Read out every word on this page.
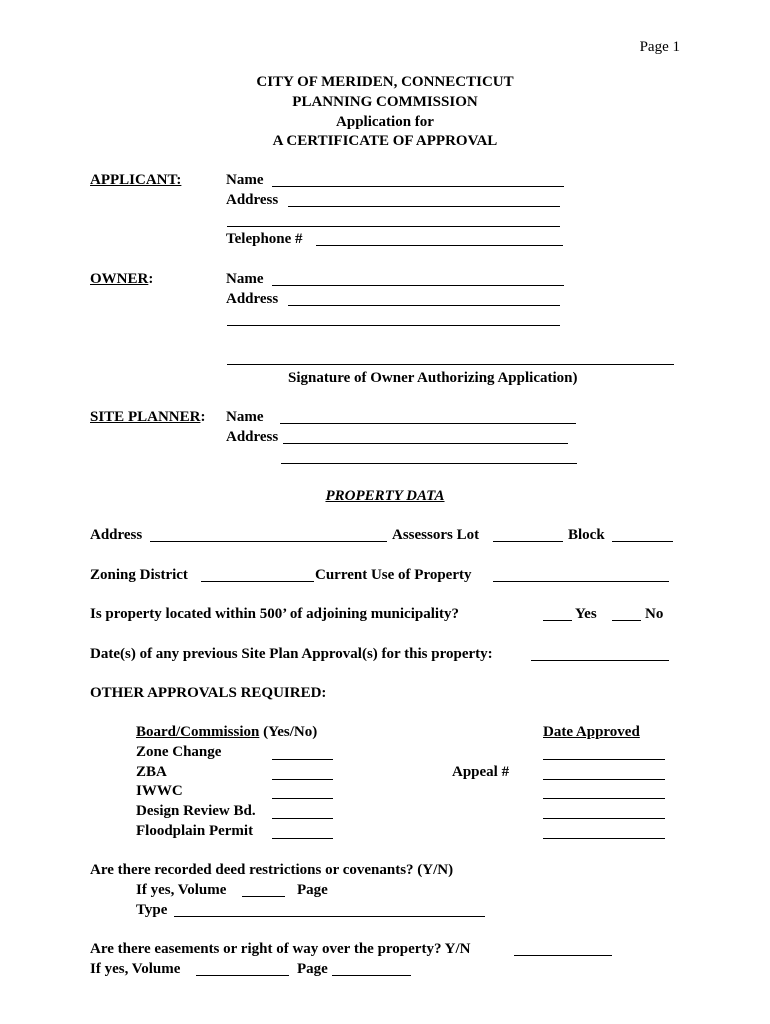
Page 1
CITY OF MERIDEN, CONNECTICUT
PLANNING COMMISSION
Application for
A CERTIFICATE OF APPROVAL
APPLICANT:	Name
Address
Telephone #
OWNER:	Name
Address
Signature of Owner Authorizing Application)
SITE PLANNER: Name
Address
PROPERTY DATA
Address	Assessors Lot	Block
Zoning District	Current Use of Property
Is property located within 500’ of adjoining municipality?	Yes	No
Date(s) of any previous Site Plan Approval(s) for this property:
OTHER APPROVALS REQUIRED:
Board/Commission (Yes/No)	Date Approved
Zone Change
ZBA	Appeal #
IWWC
Design Review Bd.
Floodplain Permit
Are there recorded deed restrictions or covenants? (Y/N)
If yes, Volume	Page
Type
Are there easements or right of way over the property? Y/N
If yes, Volume	Page
